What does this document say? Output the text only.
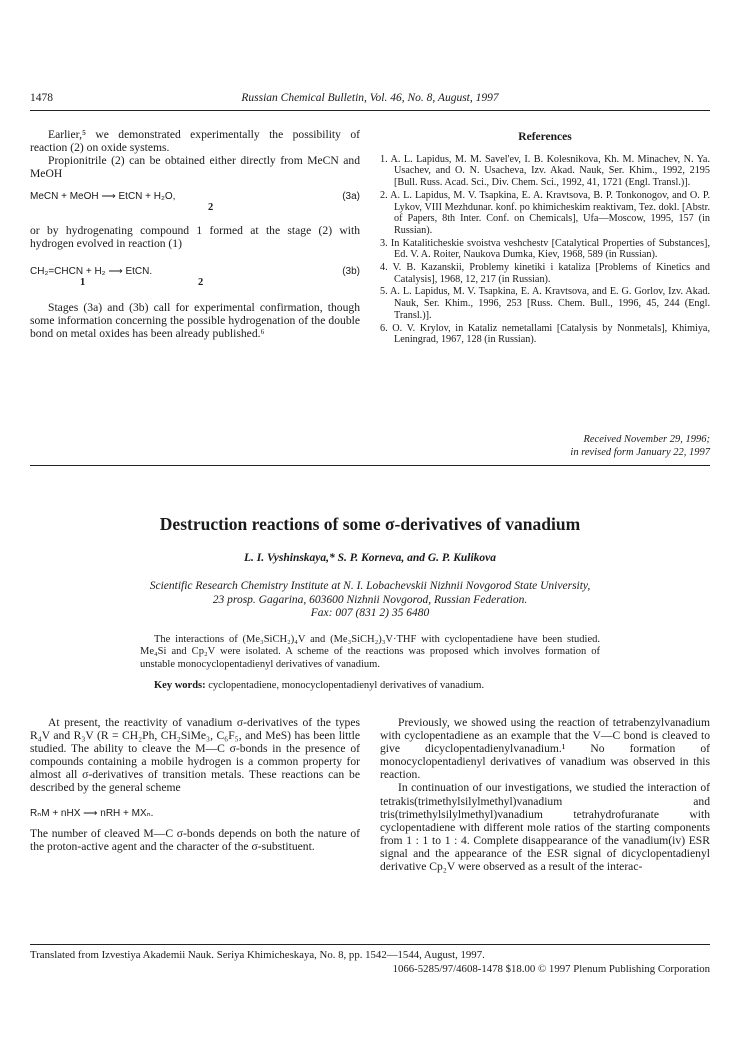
1478	Russian Chemical Bulletin, Vol. 46, No. 8, August, 1997

Earlier,⁵ we demonstrated experimentally the possibility of reaction (2) on oxide systems.

Propionitrile (2) can be obtained either directly from MeCN and MeOH

MeCN + MeOH ⟶ EtCN + H₂O,
2
(3a)

or by hydrogenating compound 1 formed at the stage (2) with hydrogen evolved in reaction (1)

CH₂=CHCN + H₂ ⟶ EtCN.
1	2
(3b)

Stages (3a) and (3b) call for experimental confirmation, though some information concerning the possible hydrogenation of the double bond on metal oxides has been already published.⁶

References
1. A. L. Lapidus, M. M. Savel'ev, I. B. Kolesnikova, Kh. M. Minachev, N. Ya. Usachev, and O. N. Usacheva, Izv. Akad. Nauk, Ser. Khim., 1992, 2195 [Bull. Russ. Acad. Sci., Div. Chem. Sci., 1992, 41, 1721 (Engl. Transl.)].
2. A. L. Lapidus, M. V. Tsapkina, E. A. Kravtsova, B. P. Tonkonogov, and O. P. Lykov, VIII Mezhdunar. konf. po khimicheskim reaktivam, Tez. dokl. [Abstr. of Papers, 8th Inter. Conf. on Chemicals], Ufa—Moscow, 1995, 157 (in Russian).
3. In Kataliticheskie svoistva veshchestv [Catalytical Properties of Substances], Ed. V. A. Roiter, Naukova Dumka, Kiev, 1968, 589 (in Russian).
4. V. B. Kazanskii, Problemy kinetiki i kataliza [Problems of Kinetics and Catalysis], 1968, 12, 217 (in Russian).
5. A. L. Lapidus, M. V. Tsapkina, E. A. Kravtsova, and E. G. Gorlov, Izv. Akad. Nauk, Ser. Khim., 1996, 253 [Russ. Chem. Bull., 1996, 45, 244 (Engl. Transl.)].
6. O. V. Krylov, in Kataliz nemetallami [Catalysis by Nonmetals], Khimiya, Leningrad, 1967, 128 (in Russian).
Received November 29, 1996;
in revised form January 22, 1997
Destruction reactions of some σ-derivatives of vanadium
L. I. Vyshinskaya,* S. P. Korneva, and G. P. Kulikova
Scientific Research Chemistry Institute at N. I. Lobachevskii Nizhnii Novgorod State University,
23 prosp. Gagarina, 603600 Nizhnii Novgorod, Russian Federation.
Fax: 007 (831 2) 35 6480

The interactions of (Me₃SiCH₂)₄V and (Me₃SiCH₂)₃V·THF with cyclopentadiene have been studied. Me₄Si and Cp₂V were isolated. A scheme of the reactions was proposed which involves formation of unstable monocyclopentadienyl derivatives of vanadium.

Key words: cyclopentadiene, monocyclopentadienyl derivatives of vanadium.

At present, the reactivity of vanadium σ-derivatives of the types R₄V and R₃V (R = CH₂Ph, CH₂SiMe₃, C₆F₅, and MeS) has been little studied. The ability to cleave the M—C σ-bonds in the presence of compounds containing a mobile hydrogen is a common property for almost all σ-derivatives of transition metals. These reactions can be described by the general scheme

RₙM + nHX ⟶ nRH + MXₙ.

The number of cleaved M—C σ-bonds depends on both the nature of the proton-active agent and the character of the σ-substituent.

Previously, we showed using the reaction of tetrabenzylvanadium with cyclopentadiene as an example that the V—C bond is cleaved to give dicyclopentadienylvanadium.¹ No formation of monocyclopentadienyl derivatives of vanadium was observed in this reaction.

In continuation of our investigations, we studied the interaction of tetrakis(trimethylsilylmethyl)vanadium and tris(trimethylsilylmethyl)vanadium tetrahydrofuranate with cyclopentadiene with different mole ratios of the starting components from 1 : 1 to 1 : 4. Complete disappearance of the vanadium(iv) ESR signal and the appearance of the ESR signal of dicyclopentadienyl derivative Cp₂V were observed as a result of the interac-

Translated from Izvestiya Akademii Nauk. Seriya Khimicheskaya, No. 8, pp. 1542—1544, August, 1997.
1066-5285/97/4608-1478 $18.00 © 1997 Plenum Publishing Corporation
